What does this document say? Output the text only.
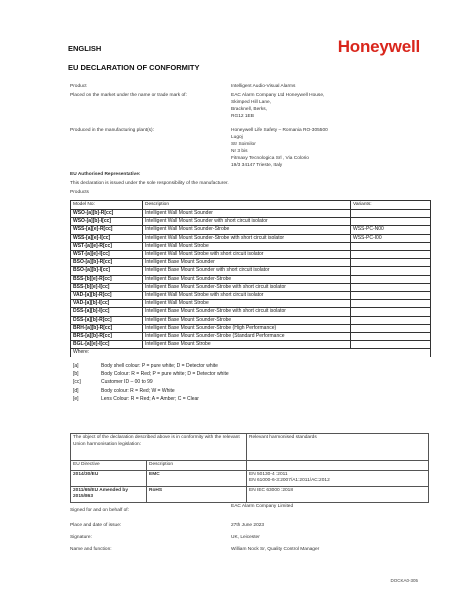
ENGLISH
EU DECLARATION OF CONFORMITY
Honeywell
Product	Intelligent Audio-Visual Alarms
Placed on the market under the name or trade mark of:	EAC Alarm Company Ltd Honeywell House,
Skimped Hill Lane,
Bracknell, Berks,
RG12 1EB
Produced in the manufacturing plant(s):	Honeywell Life Safety – Romania RO-305500
Lugoj
Str Soimilor
Nr 3 bis
Fitmaxy Tecnologica Srl , Via Colorio
19/3 34147 Trieste, Italy
EU Authorised Representative:
This declaration is issued under the sole responsibility of the manufacturer.
Products
Model No:	Description	Variants:
WSO-[a][b]-R[cc]	Intelligent Wall Mount Sounder	
WSO-[a][b]-I[cc]	Intelligent Wall Mount Sounder with short circuit isolator	
WSS-[a][e]-R[cc]	Intelligent Wall Mount Sounder-Strobe	WSS-PC-N00
WSS-[a][e]-I[cc]	Intelligent Wall Mount Sounder-Strobe with short circuit isolator	WSS-PC-I00
WST-[a][e]-R[cc]	Intelligent Wall Mount Strobe	
WST-[a][e]-I[cc]	Intelligent Wall Mount Strobe with short circuit isolator	
BSO-[a][b]-R[cc]	Intelligent Base Mount Sounder	
BSO-[a][b]-I[cc]	Intelligent Base Mount Sounder with short circuit isolator	
BSS-[b][e]-R[cc]	Intelligent Base Mount Sounder-Strobe	
BSS-[b][e]-I[cc]	Intelligent Base Mount Sounder-Strobe with short circuit isolator	
VAD-[a][b]-R[cc]	Intelligent Wall Mount Strobe with short circuit isolator	
VAD-[a][b]-I[cc]	Intelligent Wall Mount Strobe	
DSS-[a][b]-I[cc]	Intelligent Base Mount Sounder-Strobe with short circuit isolator	
DSS-[a][b]-R[cc]	Intelligent Base Mount Sounder-Strobe	
BRH-[a][b]-R[cc]	Intelligent Base Mount Sounder-Strobe (High Performance)	
BRS-[a][b]-R[cc]	Intelligent Base Mount Sounder-Strobe (Standard Performance	
BGL-[a][e]-I[cc]	Intelligent Base Mount Strobe	
Where:		
[a]	Body shell colour: P = pure white; D = Detector white
[b]	Body Colour: R = Red; P = pure white; D = Detector white
[cc]	Customer ID – 00 to 99
[d]	Body colour: R = Red; W = White
[e]	Lens Colour: R = Red; A = Amber; C = Clear
The object of the declaration described above is in conformity with the relevant Union harmonisation legislation:		Relevant harmonised standards
EU Directive	Description	
2014/30/EU	EMC	EN 50130-4 :2011
EN 61000-6-3:2007/A1:2011/AC:2012

2011/65/EU Amended by 2015/863	RoHS	EN IEC 63000 :2018
Signed for and on behalf of:
EAC Alarm Company Limited
Place and date of issue:	27th June 2023
Signature:	UK, Leicester
Name and function:	William Nock Sr, Quality Control Manager
DOCKA0-305
